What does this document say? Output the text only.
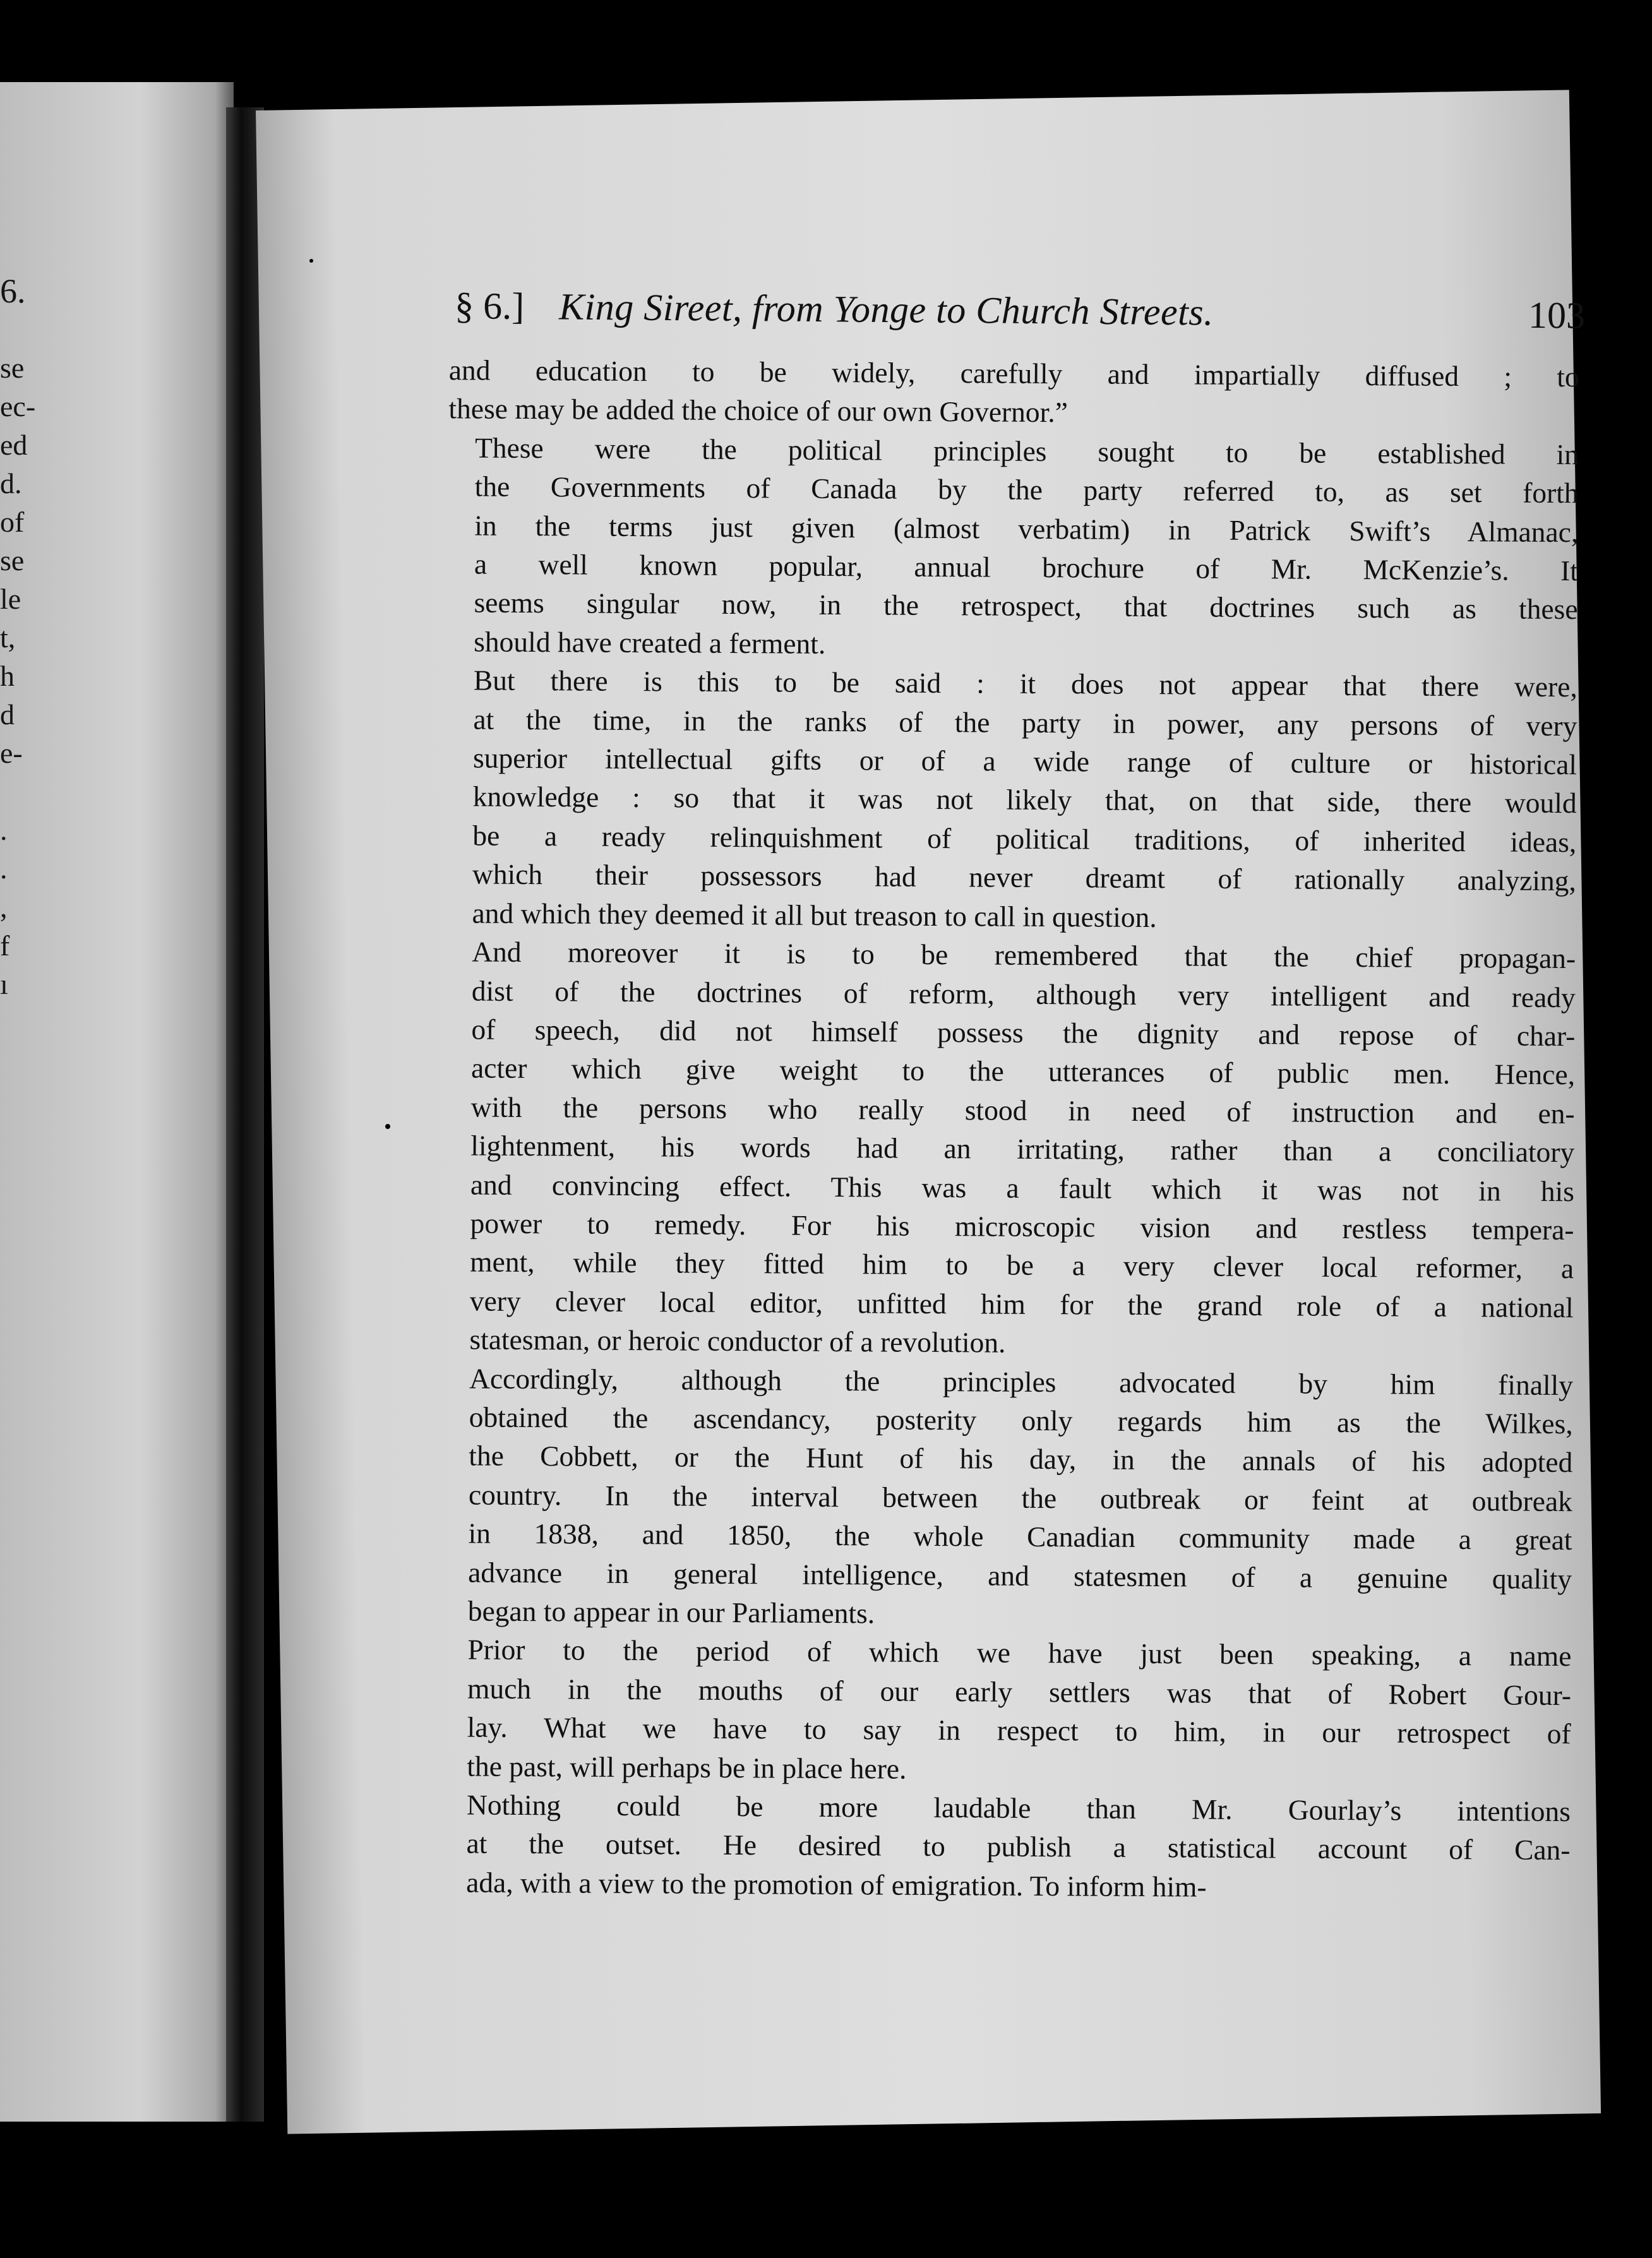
6.
se
ec-
ed
d.
of
se
le
t,
h
d
e-
.
.
,
f
ı
§ 6.] King Sireet, from Yonge to Church Streets.	103

and education to be widely, carefully and impartially diffused ; to
these may be added the choice of our own Governor.”

These were the political principles sought to be established in
the Governments of Canada by the party referred to, as set forth
in the terms just given (almost verbatim) in Patrick Swift’s Almanac,
a well known popular, annual brochure of Mr. McKenzie’s. It
seems singular now, in the retrospect, that doctrines such as these
should have created a ferment.

But there is this to be said : it does not appear that there were,
at the time, in the ranks of the party in power, any persons of very
superior intellectual gifts or of a wide range of culture or historical
knowledge : so that it was not likely that, on that side, there would
be a ready relinquishment of political traditions, of inherited ideas,
which their possessors had never dreamt of rationally analyzing,
and which they deemed it all but treason to call in question.

And moreover it is to be remembered that the chief propagan-
dist of the doctrines of reform, although very intelligent and ready
of speech, did not himself possess the dignity and repose of char-
acter which give weight to the utterances of public men. Hence,
with the persons who really stood in need of instruction and en-
lightenment, his words had an irritating, rather than a conciliatory
and convincing effect. This was a fault which it was not in his
power to remedy. For his microscopic vision and restless tempera-
ment, while they fitted him to be a very clever local reformer, a
very clever local editor, unfitted him for the grand role of a national
statesman, or heroic conductor of a revolution.

Accordingly, although the principles advocated by him finally
obtained the ascendancy, posterity only regards him as the Wilkes,
the Cobbett, or the Hunt of his day, in the annals of his adopted
country. In the interval between the outbreak or feint at outbreak
in 1838, and 1850, the whole Canadian community made a great
advance in general intelligence, and statesmen of a genuine quality
began to appear in our Parliaments.

Prior to the period of which we have just been speaking, a name
much in the mouths of our early settlers was that of Robert Gour-
lay. What we have to say in respect to him, in our retrospect of
the past, will perhaps be in place here.

Nothing could be more laudable than Mr. Gourlay’s intentions
at the outset. He desired to publish a statistical account of Can-
ada, with a view to the promotion of emigration. To inform him-
